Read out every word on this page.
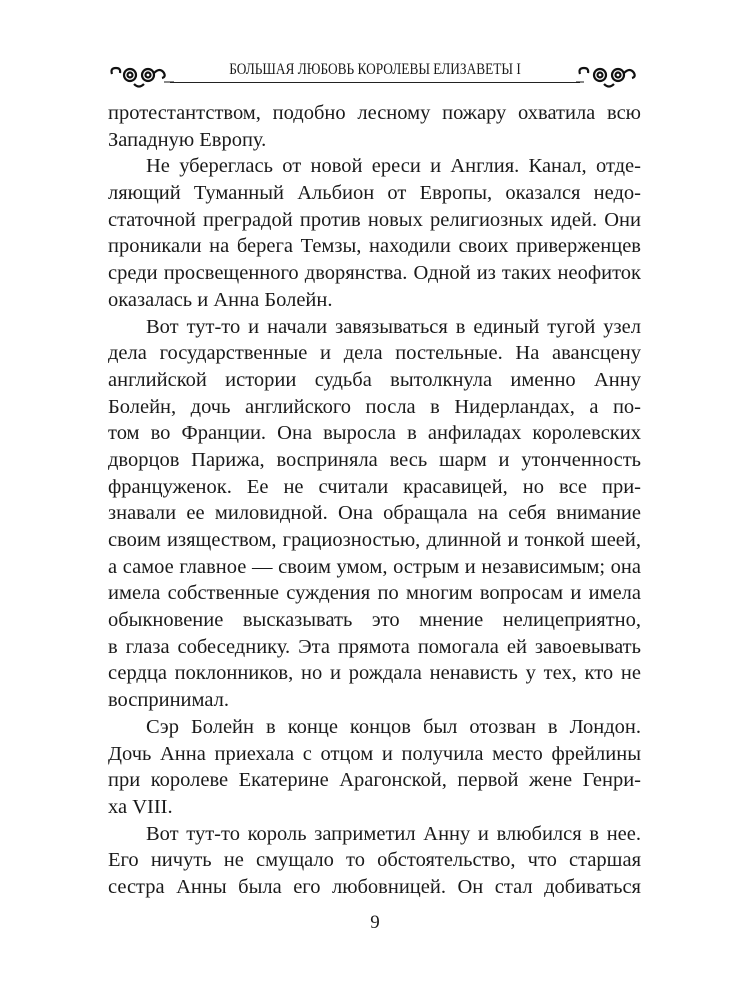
БОЛЬШАЯ ЛЮБОВЬ КОРОЛЕВЫ ЕЛИЗАВЕТЫ I
протестантством, подобно лесному пожару охватила всю
Западную Европу.
Не убереглась от новой ереси и Англия. Канал, отде-
ляющий Туманный Альбион от Европы, оказался недо-
статочной преградой против новых религиозных идей. Они
проникали на берега Темзы, находили своих приверженцев
среди просвещенного дворянства. Одной из таких неофиток
оказалась и Анна Болейн.
Вот тут-то и начали завязываться в единый тугой узел
дела государственные и дела постельные. На авансцену
английской истории судьба вытолкнула именно Анну
Болейн, дочь английского посла в Нидерландах, а по-
том во Франции. Она выросла в анфиладах королевских
дворцов Парижа, восприняла весь шарм и утонченность
француженок. Ее не считали красавицей, но все при-
знавали ее миловидной. Она обращала на себя внимание
своим изяществом, грациозностью, длинной и тонкой шеей,
а самое главное — своим умом, острым и независимым; она
имела собственные суждения по многим вопросам и имела
обыкновение высказывать это мнение нелицеприятно,
в глаза собеседнику. Эта прямота помогала ей завоевывать
сердца поклонников, но и рождала ненависть у тех, кто не
воспринимал.
Сэр Болейн в конце концов был отозван в Лондон.
Дочь Анна приехала с отцом и получила место фрейлины
при королеве Екатерине Арагонской, первой жене Генри-
ха VIII.
Вот тут-то король заприметил Анну и влюбился в нее.
Его ничуть не смущало то обстоятельство, что старшая
сестра Анны была его любовницей. Он стал добиваться
9
